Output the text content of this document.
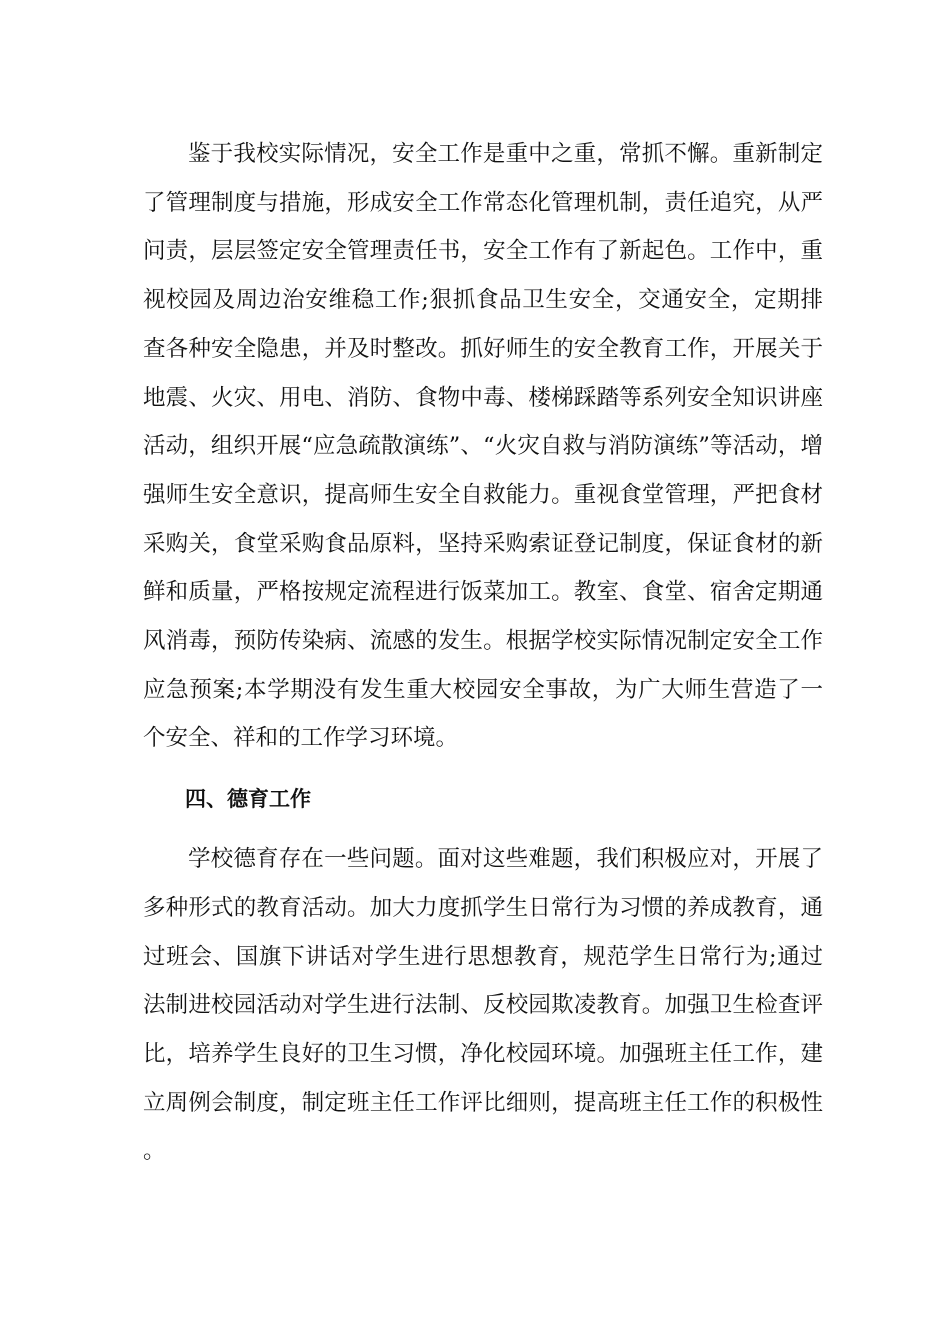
鉴于我校实际情况，安全工作是重中之重，常抓不懈。重新制定了管理制度与措施，形成安全工作常态化管理机制，责任追究，从严问责，层层签定安全管理责任书，安全工作有了新起色。工作中，重视校园及周边治安维稳工作;狠抓食品卫生安全，交通安全，定期排查各种安全隐患，并及时整改。抓好师生的安全教育工作，开展关于地震、火灾、用电、消防、食物中毒、楼梯踩踏等系列安全知识讲座活动，组织开展“应急疏散演练”、“火灾自救与消防演练”等活动，增强师生安全意识，提高师生安全自救能力。重视食堂管理，严把食材采购关，食堂采购食品原料，坚持采购索证登记制度，保证食材的新鲜和质量，严格按规定流程进行饭菜加工。教室、食堂、宿舍定期通风消毒，预防传染病、流感的发生。根据学校实际情况制定安全工作应急预案;本学期没有发生重大校园安全事故，为广大师生营造了一个安全、祥和的工作学习环境。

四、德育工作

学校德育存在一些问题。面对这些难题，我们积极应对，开展了多种形式的教育活动。加大力度抓学生日常行为习惯的养成教育，通过班会、国旗下讲话对学生进行思想教育，规范学生日常行为;通过法制进校园活动对学生进行法制、反校园欺凌教育。加强卫生检查评比，培养学生良好的卫生习惯，净化校园环境。加强班主任工作，建立周例会制度，制定班主任工作评比细则，提高班主任工作的积极性。
